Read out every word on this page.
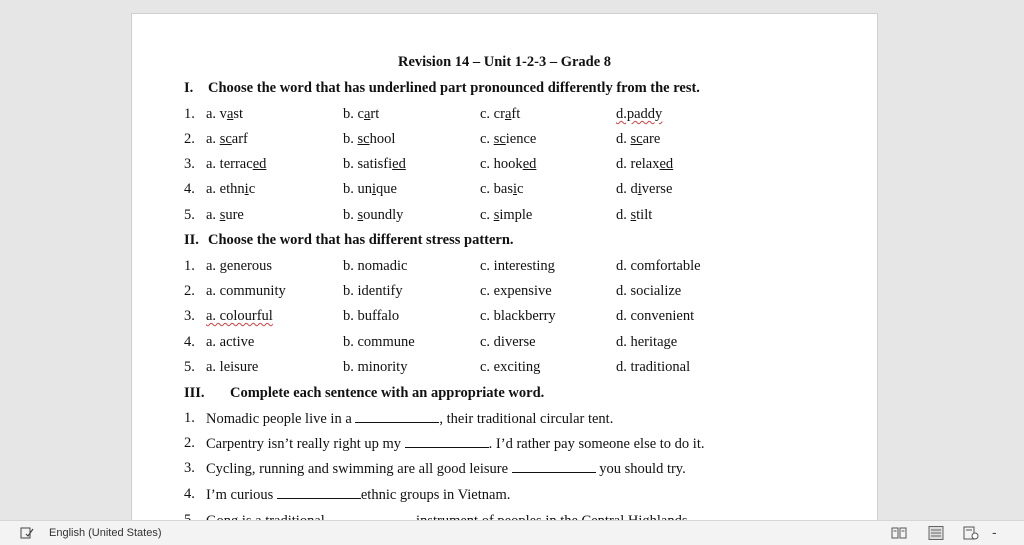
Revision 14 – Unit 1-2-3 – Grade 8
I. Choose the word that has underlined part pronounced differently from the rest.
1. a. vast	b. cart	c. craft	d.paddy
2. a. scarf	b. school	c. science	d. scare
3. a. terraced	b. satisfied	c. hooked	d. relaxed
4. a. ethnic	b. unique	c. basic	d. diverse
5. a. sure	b. soundly	c. simple	d. stilt
II. Choose the word that has different stress pattern.
1. a. generous	b. nomadic	c. interesting	d. comfortable
2. a. community	b. identify	c. expensive	d. socialize
3. a. colourful	b. buffalo	c. blackberry	d. convenient
4. a. active	b. commune	c. diverse	d. heritage
5. a. leisure	b. minority	c. exciting	d. traditional
III. Complete each sentence with an appropriate word.
1. Nomadic people live in a	, their traditional circular tent.
2. Carpentry isn’t really right up my	. I’d rather pay someone else to do it.
3. Cycling, running and swimming are all good leisure	you should try.
4. I’m curious	ethnic groups in Vietnam.
English (United States)	-
